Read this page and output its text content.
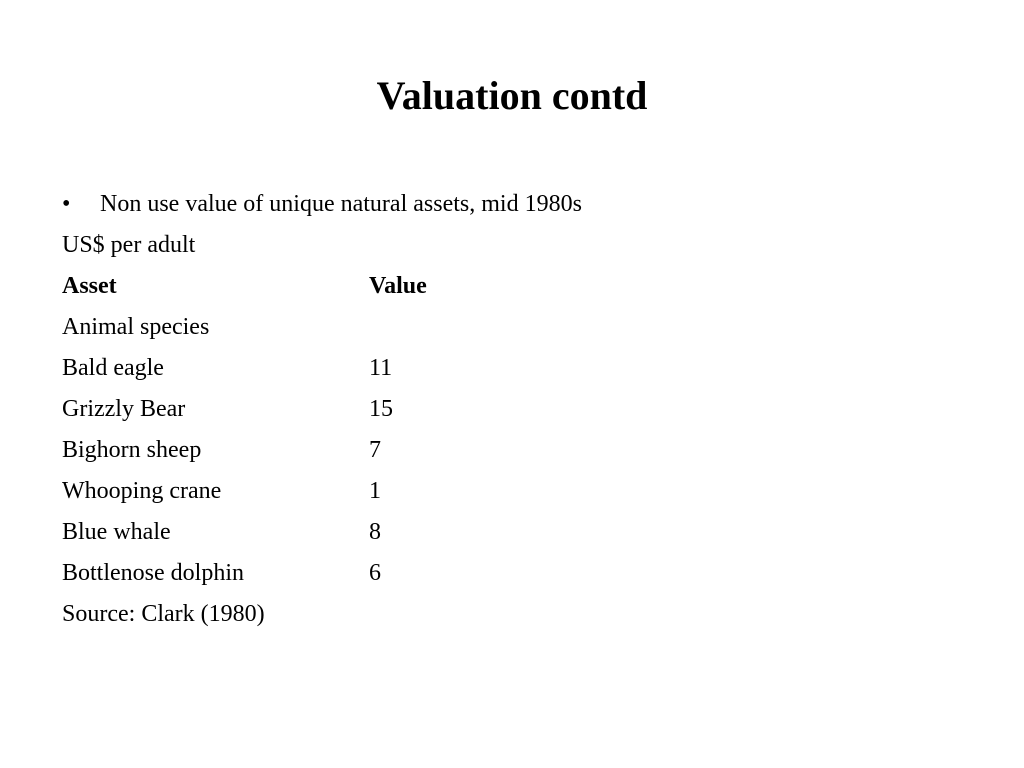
Valuation contd
• Non use value of unique natural assets, mid 1980s
US$ per adult
Asset	Value
Animal species
Bald eagle	11
Grizzly Bear	15
Bighorn sheep	7
Whooping crane	1
Blue whale	8
Bottlenose dolphin	6
Source: Clark (1980)
